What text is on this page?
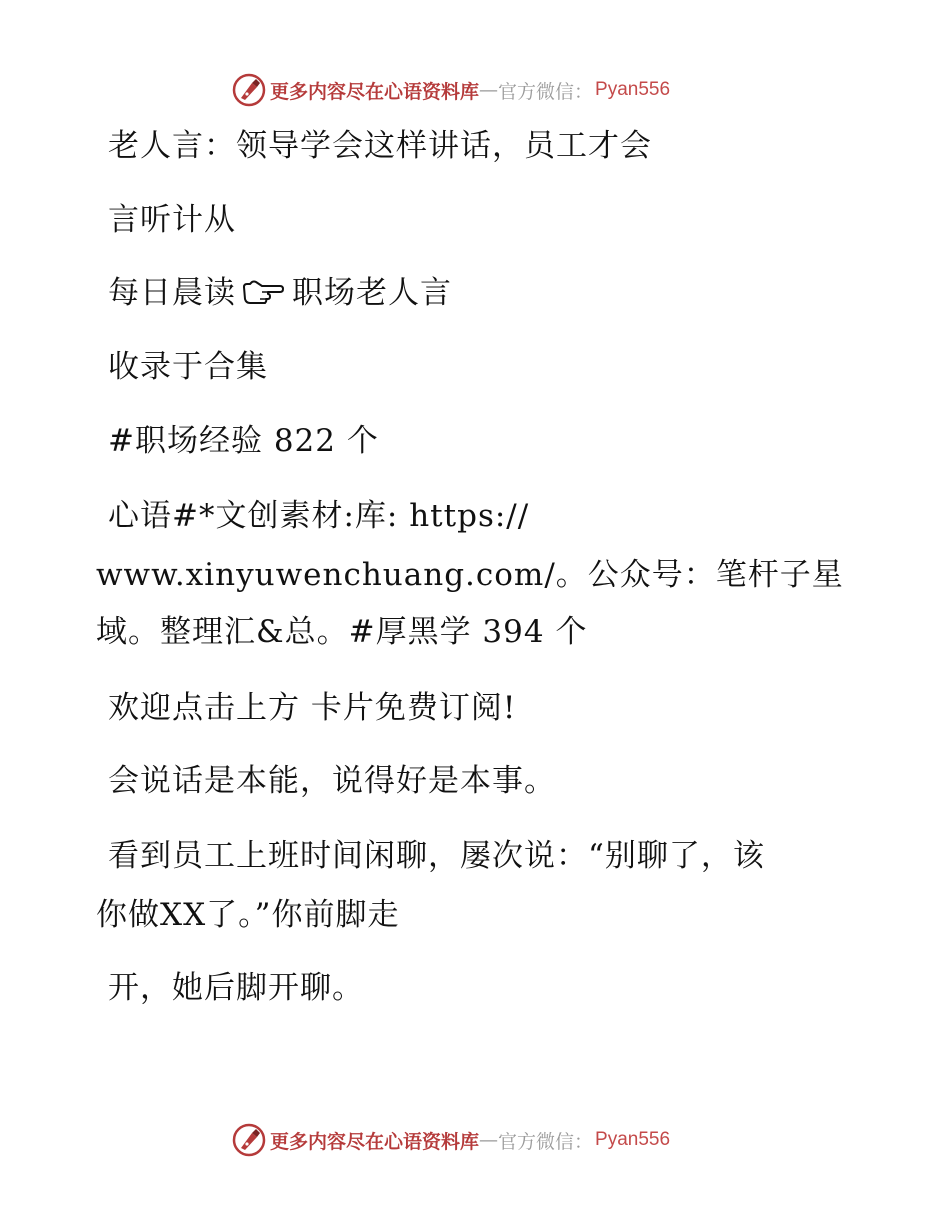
更多内容尽在心语资料库 — 官方微信： Pyan556
老人言：领导学会这样讲话，员工才会
言听计从
每日晨读 职场老人言
收录于合集
#职场经验 822 个
心语#*文创素材:库: https://
www.xinyuwenchuang.com/。公众号：笔杆子星
域。整理汇&总。#厚黑学 394 个
欢迎点击上方 卡片免费订阅!
会说话是本能，说得好是本事。
看到员工上班时间闲聊，屡次说：“别聊了，该
你做XX了。”你前脚走
开，她后脚开聊。
更多内容尽在心语资料库 — 官方微信： Pyan556
